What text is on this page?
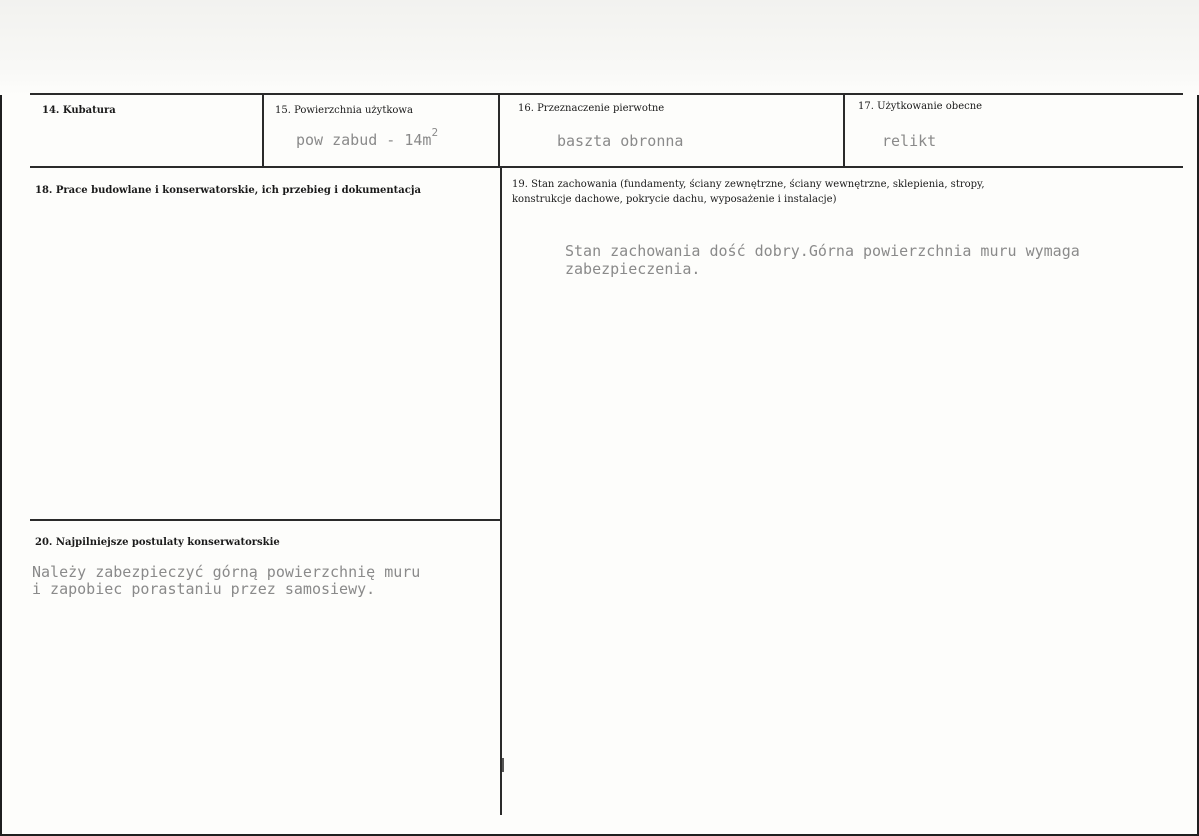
14. Kubatura	15. Powierzchnia użytkowa
pow zabud - $14m^2$
16. Przeznaczenie pierwotne
baszta obronna
17. Użytkowanie obecne
relikt
18. Prace budowlane i konserwatorskie, ich przebieg i dokumentacja
19. Stan zachowania (fundamenty, ściany zewnętrzne, ściany wewnętrzne, sklepienia, stropy,
konstrukcje dachowe, pokrycie dachu, wyposażenie i instalacje)
Stan zachowania dość dobry.Górna powierzchnia muru wymaga
zabezpieczenia.
20. Najpilniejsze postulaty konserwatorskie
Należy zabezpieczyć górną powierzchnię muru
i zapobiec porastaniu przez samosiewy.
